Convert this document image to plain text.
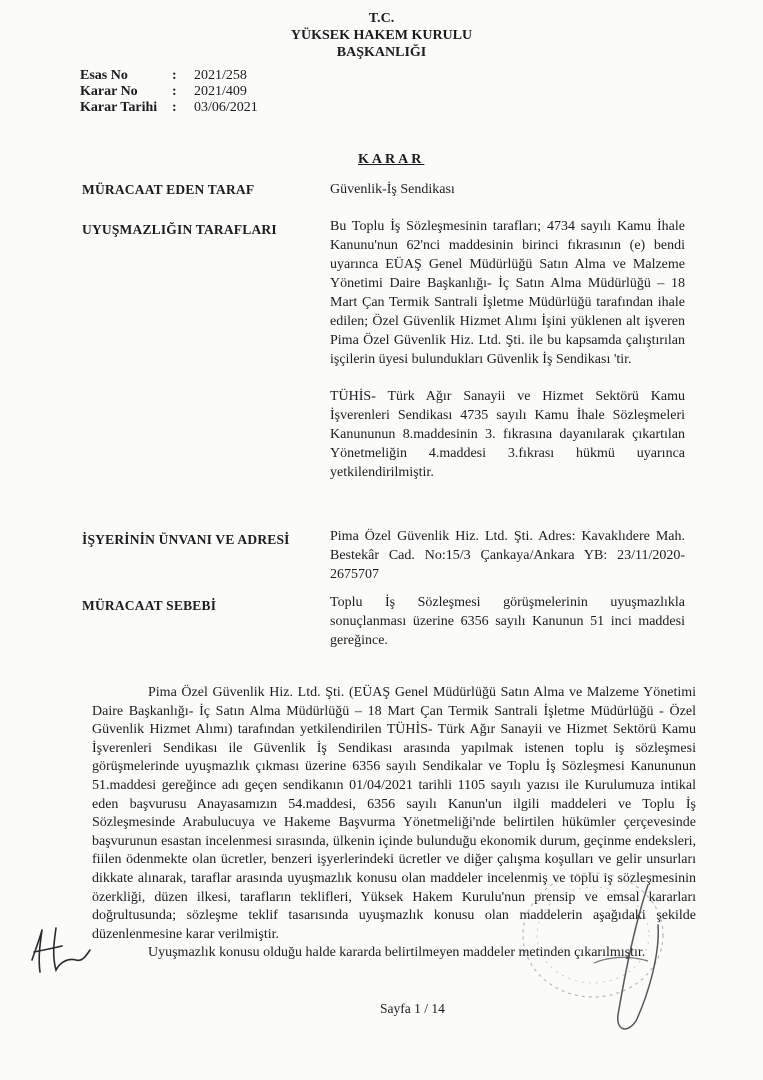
T.C.
YÜKSEK HAKEM KURULU
BAŞKANLIĞI
Esas No	:	2021/258
Karar No	:	2021/409
Karar Tarihi	:	03/06/2021
KARAR
MÜRACAAT EDEN TARAF	Güvenlik-İş Sendikası
UYUŞMAZLIĞIN TARAFLARI	Bu Toplu İş Sözleşmesinin tarafları; 4734 sayılı Kamu İhale Kanunu'nun 62'nci maddesinin birinci fıkrasının (e) bendi uyarınca EÜAŞ Genel Müdürlüğü Satın Alma ve Malzeme Yönetimi Daire Başkanlığı- İç Satın Alma Müdürlüğü – 18 Mart Çan Termik Santrali İşletme Müdürlüğü tarafından ihale edilen; Özel Güvenlik Hizmet Alımı İşini yüklenen alt işveren Pima Özel Güvenlik Hiz. Ltd. Şti. ile bu kapsamda çalıştırılan işçilerin üyesi bulundukları Güvenlik İş Sendikası 'tir.

TÜHİS- Türk Ağır Sanayii ve Hizmet Sektörü Kamu İşverenleri Sendikası 4735 sayılı Kamu İhale Sözleşmeleri Kanununun 8.maddesinin 3. fıkrasına dayanılarak çıkartılan Yönetmeliğin 4.maddesi 3.fıkrası hükmü uyarınca yetkilendirilmiştir.

İŞYERİNİN ÜNVANI VE ADRESİ	Pima Özel Güvenlik Hiz. Ltd. Şti. Adres: Kavaklıdere Mah. Bestekâr Cad. No:15/3 Çankaya/Ankara YB: 23/11/2020-2675707
MÜRACAAT SEBEBİ	Toplu İş Sözleşmesi görüşmelerinin uyuşmazlıkla sonuçlanması üzerine 6356 sayılı Kanunun 51 inci maddesi gereğince.

Pima Özel Güvenlik Hiz. Ltd. Şti. (EÜAŞ Genel Müdürlüğü Satın Alma ve Malzeme Yönetimi Daire Başkanlığı- İç Satın Alma Müdürlüğü – 18 Mart Çan Termik Santrali İşletme Müdürlüğü - Özel Güvenlik Hizmet Alımı) tarafından yetkilendirilen TÜHİS- Türk Ağır Sanayii ve Hizmet Sektörü Kamu İşverenleri Sendikası ile Güvenlik İş Sendikası arasında yapılmak istenen toplu iş sözleşmesi görüşmelerinde uyuşmazlık çıkması üzerine 6356 sayılı Sendikalar ve Toplu İş Sözleşmesi Kanununun 51.maddesi gereğince adı geçen sendikanın 01/04/2021 tarihli 1105 sayılı yazısı ile Kurulumuza intikal eden başvurusu Anayasamızın 54.maddesi, 6356 sayılı Kanun'un ilgili maddeleri ve Toplu İş Sözleşmesinde Arabulucuya ve Hakeme Başvurma Yönetmeliği'nde belirtilen hükümler çerçevesinde başvurunun esastan incelenmesi sırasında, ülkenin içinde bulunduğu ekonomik durum, geçinme endeksleri, fiilen ödenmekte olan ücretler, benzeri işyerlerindeki ücretler ve diğer çalışma koşulları ve gelir unsurları dikkate alınarak, taraflar arasında uyuşmazlık konusu olan maddeler incelenmiş ve toplu iş sözleşmesinin özerkliği, düzen ilkesi, tarafların teklifleri, Yüksek Hakem Kurulu'nun prensip ve emsal kararları doğrultusunda; sözleşme teklif tasarısında uyuşmazlık konusu olan maddelerin aşağıdaki şekilde düzenlenmesine karar verilmiştir.

Uyuşmazlık konusu olduğu halde kararda belirtilmeyen maddeler metinden çıkarılmıştır.

Sayfa 1 / 14
